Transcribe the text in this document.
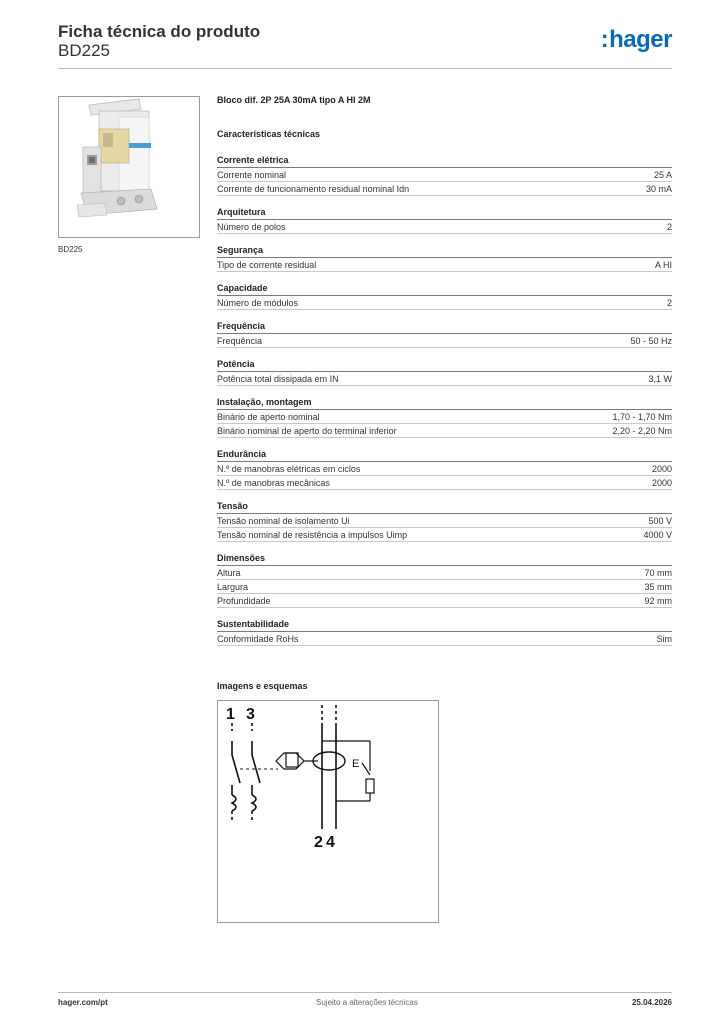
Ficha técnica do produto
BD225	:hager
BD225
Bloco dif. 2P 25A 30mA tipo A HI 2M
Características técnicas
Corrente elétrica
Corrente nominal	25 A
Corrente de funcionamento residual nominal Idn	30 mA
Arquitetura
Número de polos	2
Segurança
Tipo de corrente residual	A HI
Capacidade
Número de módulos	2
Frequência
Frequência	50 - 50 Hz
Potência
Potência total dissipada em IN	3,1 W
Instalação, montagem
Binário de aperto nominal	1,70 - 1,70 Nm
Binário nominal de aperto do terminal inferior	2,20 - 2,20 Nm
Endurância
N.º de manobras elétricas em ciclos	2000
N.º de manobras mecânicas	2000
Tensão
Tensão nominal de isolamento Ui	500 V
Tensão nominal de resistência a impulsos Uimp	4000 V
Dimensões
Altura	70 mm
Largura	35 mm
Profundidade	92 mm
Sustentabilidade
Conformidade RoHs	Sim
Imagens e esquemas
1 3
2 4
E
hager.com/pt	Sujeito a alterações técnicas	25.04.2026
